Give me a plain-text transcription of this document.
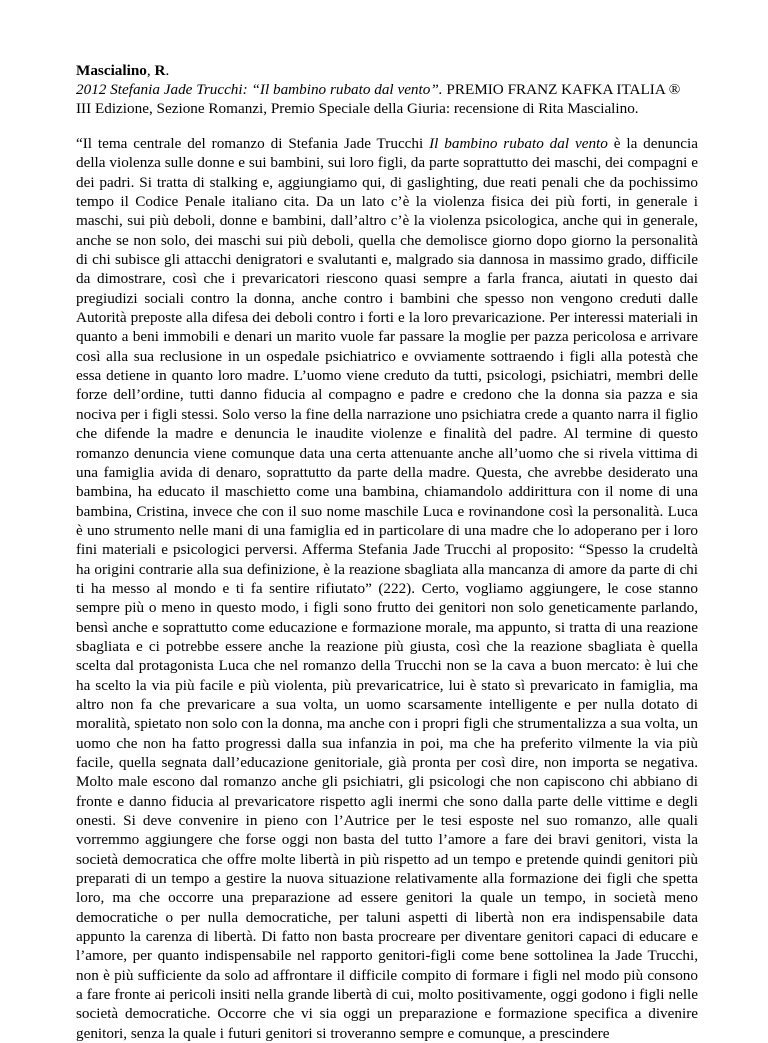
Mascialino, R.
2012 Stefania Jade Trucchi: “Il bambino rubato dal vento”. PREMIO FRANZ KAFKA ITALIA ®
III Edizione, Sezione Romanzi, Premio Speciale della Giuria: recensione di Rita Mascialino.
“Il tema centrale del romanzo di Stefania Jade Trucchi Il bambino rubato dal vento è la denuncia della violenza sulle donne e sui bambini, sui loro figli, da parte soprattutto dei maschi, dei compagni e dei padri. Si tratta di stalking e, aggiungiamo qui, di gaslighting, due reati penali che da pochissimo tempo il Codice Penale italiano cita. Da un lato c’è la violenza fisica dei più forti, in generale i maschi, sui più deboli, donne e bambini, dall’altro c’è la violenza psicologica, anche qui in generale, anche se non solo, dei maschi sui più deboli, quella che demolisce giorno dopo giorno la personalità di chi subisce gli attacchi denigratori e svalutanti e, malgrado sia dannosa in massimo grado, difficile da dimostrare, così che i prevaricatori riescono quasi sempre a farla franca, aiutati in questo dai pregiudizi sociali contro la donna, anche contro i bambini che spesso non vengono creduti dalle Autorità preposte alla difesa dei deboli contro i forti e la loro prevaricazione. Per interessi materiali in quanto a beni immobili e denari un marito vuole far passare la moglie per pazza pericolosa e arrivare così alla sua reclusione in un ospedale psichiatrico e ovviamente sottraendo i figli alla potestà che essa detiene in quanto loro madre. L’uomo viene creduto da tutti, psicologi, psichiatri, membri delle forze dell’ordine, tutti danno fiducia al compagno e padre e credono che la donna sia pazza e sia nociva per i figli stessi. Solo verso la fine della narrazione uno psichiatra crede a quanto narra il figlio che difende la madre e denuncia le inaudite violenze e finalità del padre. Al termine di questo romanzo denuncia viene comunque data una certa attenuante anche all’uomo che si rivela vittima di una famiglia avida di denaro, soprattutto da parte della madre. Questa, che avrebbe desiderato una bambina, ha educato il maschietto come una bambina, chiamandolo addirittura con il nome di una bambina, Cristina, invece che con il suo nome maschile Luca e rovinandone così la personalità. Luca è uno strumento nelle mani di una famiglia ed in particolare di una madre che lo adoperano per i loro fini materiali e psicologici perversi. Afferma Stefania Jade Trucchi al proposito: “Spesso la crudeltà ha origini contrarie alla sua definizione, è la reazione sbagliata alla mancanza di amore da parte di chi ti ha messo al mondo e ti fa sentire rifiutato” (222). Certo, vogliamo aggiungere, le cose stanno sempre più o meno in questo modo, i figli sono frutto dei genitori non solo geneticamente parlando, bensì anche e soprattutto come educazione e formazione morale, ma appunto, si tratta di una reazione sbagliata e ci potrebbe essere anche la reazione più giusta, così che la reazione sbagliata è quella scelta dal protagonista Luca che nel romanzo della Trucchi non se la cava a buon mercato: è lui che ha scelto la via più facile e più violenta, più prevaricatrice, lui è stato sì prevaricato in famiglia, ma altro non fa che prevaricare a sua volta, un uomo scarsamente intelligente e per nulla dotato di moralità, spietato non solo con la donna, ma anche con i propri figli che strumentalizza a sua volta, un uomo che non ha fatto progressi dalla sua infanzia in poi, ma che ha preferito vilmente la via più facile, quella segnata dall’educazione genitoriale, già pronta per così dire, non importa se negativa. Molto male escono dal romanzo anche gli psichiatri, gli psicologi che non capiscono chi abbiano di fronte e danno fiducia al prevaricatore rispetto agli inermi che sono dalla parte delle vittime e degli onesti. Si deve convenire in pieno con l’Autrice per le tesi esposte nel suo romanzo, alle quali vorremmo aggiungere che forse oggi non basta del tutto l’amore a fare dei bravi genitori, vista la società democratica che offre molte libertà in più rispetto ad un tempo e pretende quindi genitori più preparati di un tempo a gestire la nuova situazione relativamente alla formazione dei figli che spetta loro, ma che occorre una preparazione ad essere genitori la quale un tempo, in società meno democratiche o per nulla democratiche, per taluni aspetti di libertà non era indispensabile data appunto la carenza di libertà. Di fatto non basta procreare per diventare genitori capaci di educare e l’amore, per quanto indispensabile nel rapporto genitori-figli come bene sottolinea la Jade Trucchi, non è più sufficiente da solo ad affrontare il difficile compito di formare i figli nel modo più consono a fare fronte ai pericoli insiti nella grande libertà di cui, molto positivamente, oggi godono i figli nelle società democratiche. Occorre che vi sia oggi un preparazione e formazione specifica a divenire genitori, senza la quale i futuri genitori si troveranno sempre e comunque, a prescindere
